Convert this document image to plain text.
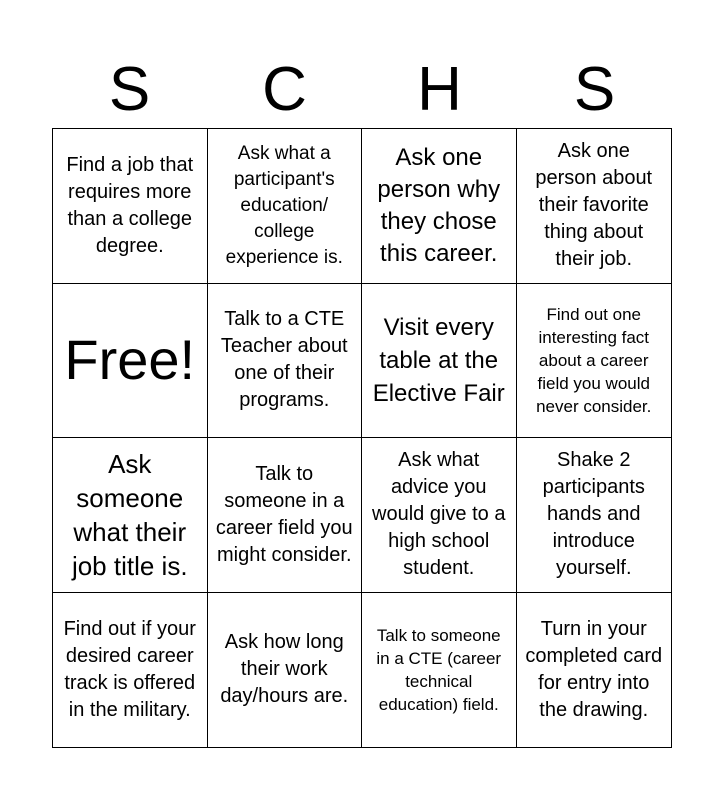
S	C	H	S
Find a job that requires more than a college degree.
Ask what a participant's education/ college experience is.
Ask one person why they chose this career.
Ask one person about their favorite thing about their job.
Free!
Talk to a CTE Teacher about one of their programs.
Visit every table at the Elective Fair
Find out one interesting fact about a career field you would never consider.
Ask someone what their job title is.
Talk to someone in a career field you might consider.
Ask what advice you would give to a high school student.
Shake 2 participants hands and introduce yourself.
Find out if your desired career track is offered in the military.
Ask how long their work day/hours are.
Talk to someone in a CTE (career technical education) field.
Turn in your completed card for entry into the drawing.
